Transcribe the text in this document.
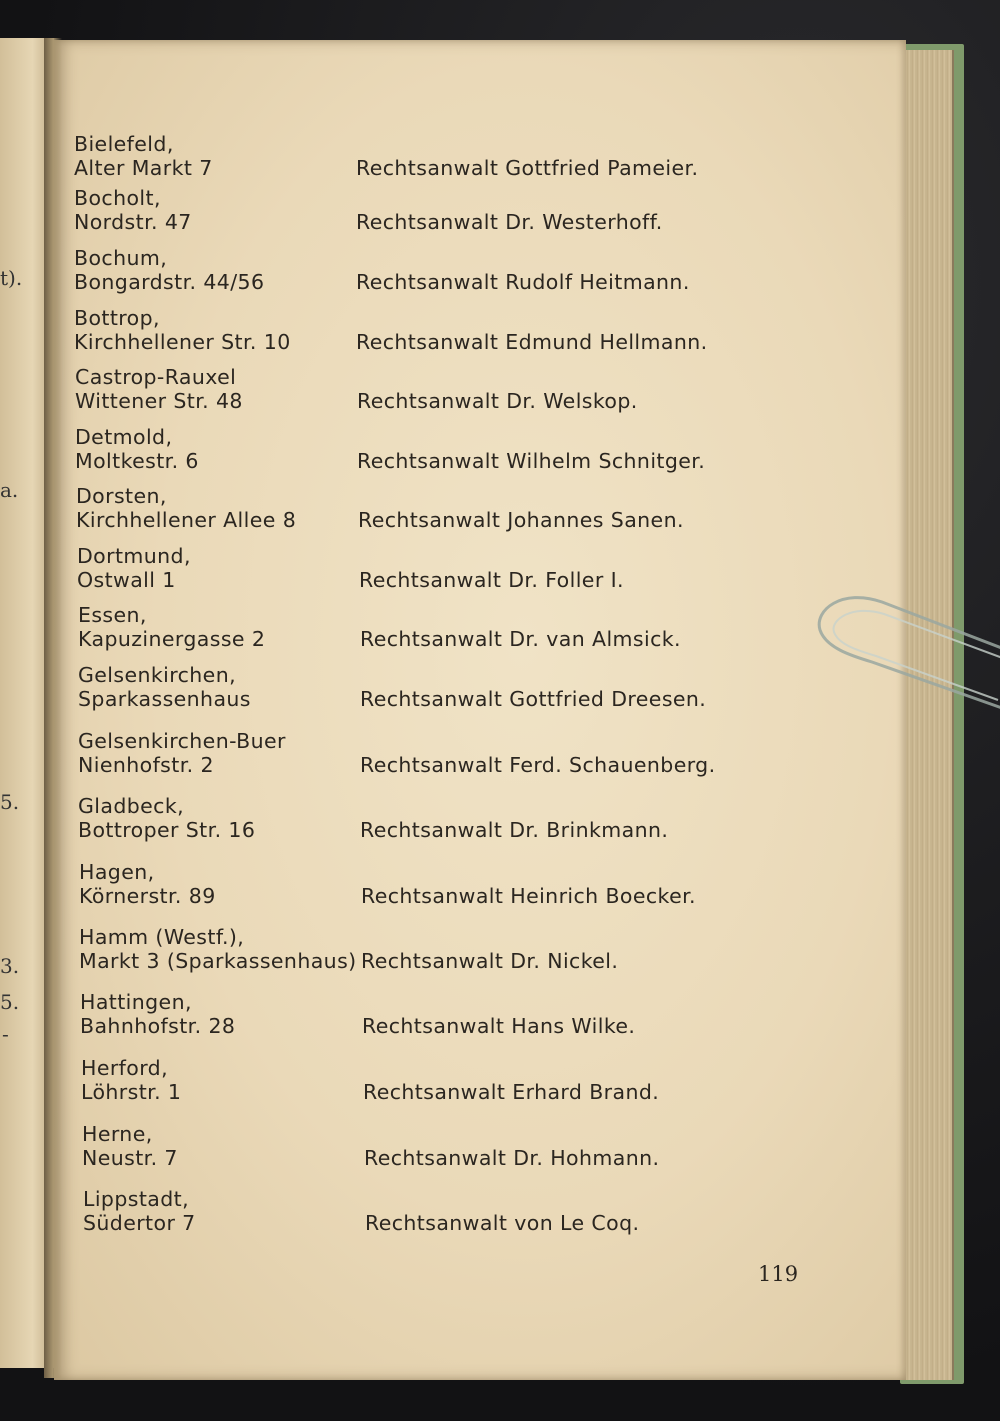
t).
a.
5.
3.
5.
-
Bielefeld,
Alter Markt 7	Rechtsanwalt Gottfried Pameier.
Bocholt,
Nordstr. 47	Rechtsanwalt Dr. Westerhoff.
Bochum,
Bongardstr. 44/56	Rechtsanwalt Rudolf Heitmann.
Bottrop,
Kirchhellener Str. 10	Rechtsanwalt Edmund Hellmann.
Castrop-Rauxel
Wittener Str. 48	Rechtsanwalt Dr. Welskop.
Detmold,
Moltkestr. 6	Rechtsanwalt Wilhelm Schnitger.
Dorsten,
Kirchhellener Allee 8	Rechtsanwalt Johannes Sanen.
Dortmund,
Ostwall 1	Rechtsanwalt Dr. Foller I.
Essen,
Kapuzinergasse 2	Rechtsanwalt Dr. van Almsick.
Gelsenkirchen,
Sparkassenhaus	Rechtsanwalt Gottfried Dreesen.
Gelsenkirchen-Buer
Nienhofstr. 2	Rechtsanwalt Ferd. Schauenberg.
Gladbeck,
Bottroper Str. 16	Rechtsanwalt Dr. Brinkmann.
Hagen,
Körnerstr. 89	Rechtsanwalt Heinrich Boecker.
Hamm (Westf.),
Markt 3 (Sparkassenhaus) Rechtsanwalt Dr. Nickel.
Hattingen,
Bahnhofstr. 28	Rechtsanwalt Hans Wilke.
Herford,
Löhrstr. 1	Rechtsanwalt Erhard Brand.
Herne,
Neustr. 7	Rechtsanwalt Dr. Hohmann.
Lippstadt,
Südertor 7	Rechtsanwalt von Le Coq.
119
